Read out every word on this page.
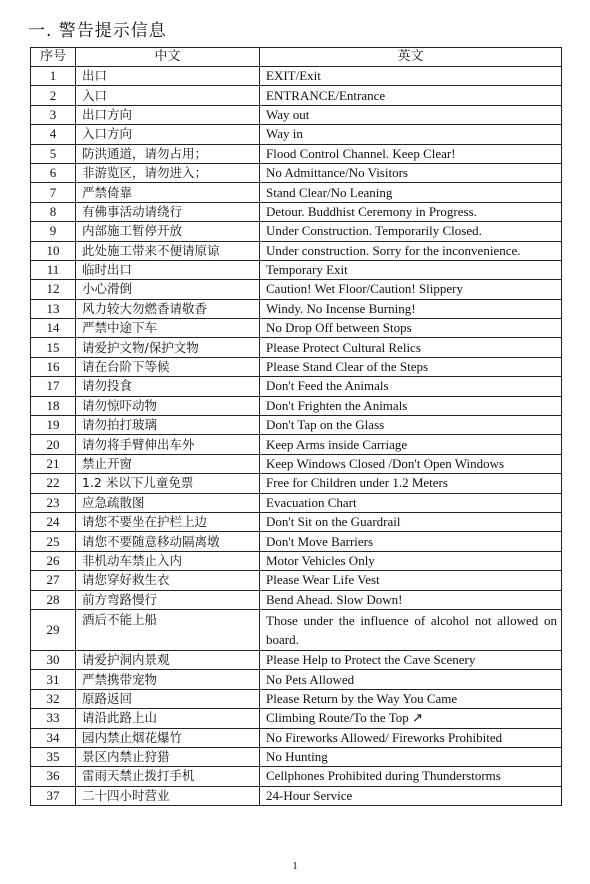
一. 警告提示信息
序号	中文	英文
1	出口	EXIT/Exit
2	入口	ENTRANCE/Entrance
3	出口方向	Way out
4	入口方向	Way in
5	防洪通道，请勿占用；	Flood Control Channel. Keep Clear!
6	非游览区，请勿进入；	No Admittance/No Visitors
7	严禁倚靠	Stand Clear/No Leaning
8	有佛事活动请绕行	Detour. Buddhist Ceremony in Progress.
9	内部施工暂停开放	Under Construction. Temporarily Closed.
10	此处施工带来不便请原谅	Under construction. Sorry for the inconvenience.
11	临时出口	Temporary Exit
12	小心滑倒	Caution! Wet Floor/Caution! Slippery
13	风力较大勿燃香请敬香	Windy. No Incense Burning!
14	严禁中途下车	No Drop Off between Stops
15	请爱护文物/保护文物	Please Protect Cultural Relics
16	请在台阶下等候	Please Stand Clear of the Steps
17	请勿投食	Don't Feed the Animals
18	请勿惊吓动物	Don't Frighten the Animals
19	请勿拍打玻璃	Don't Tap on the Glass
20	请勿将手臂伸出车外	Keep Arms inside Carriage
21	禁止开窗	Keep Windows Closed /Don't Open Windows
22	1.2 米以下儿童免票	Free for Children under 1.2 Meters
23	应急疏散图	Evacuation Chart
24	请您不要坐在护栏上边	Don't Sit on the Guardrail
25	请您不要随意移动隔离墩	Don't Move Barriers
26	非机动车禁止入内	Motor Vehicles Only
27	请您穿好救生衣	Please Wear Life Vest
28	前方弯路慢行	Bend Ahead. Slow Down!
29	酒后不能上船	Those under the influence of alcohol not allowed on board.
30	请爱护洞内景观	Please Help to Protect the Cave Scenery
31	严禁携带宠物	No Pets Allowed
32	原路返回	Please Return by the Way You Came
33	请沿此路上山	Climbing Route/To the Top ↗
34	园内禁止烟花爆竹	No Fireworks Allowed/ Fireworks Prohibited
35	景区内禁止狩猎	No Hunting
36	雷雨天禁止拨打手机	Cellphones Prohibited during Thunderstorms
37	二十四小时营业	24-Hour Service
1
